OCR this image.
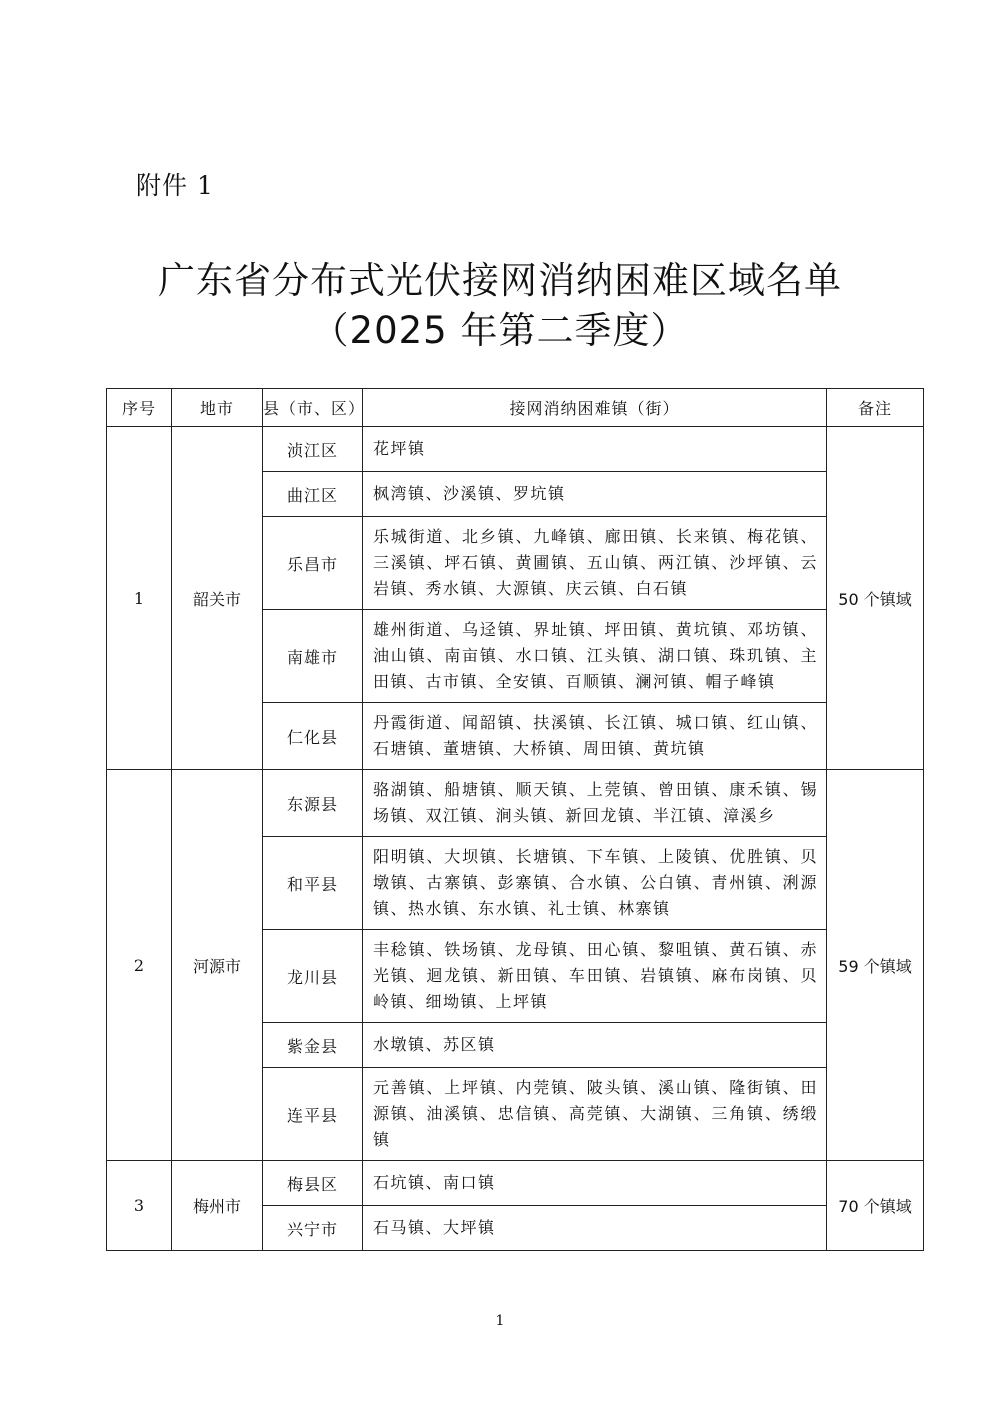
附件 1
广东省分布式光伏接网消纳困难区域名单
（2025 年第二季度）
序号	地市	县（市、区）	接网消纳困难镇（街）	备注
1	韶关市	浈江区	花坪镇	50 个镇域
		曲江区	枫湾镇、沙溪镇、罗坑镇	
		乐昌市	乐城街道、北乡镇、九峰镇、廊田镇、长来镇、梅花镇、三溪镇、坪石镇、黄圃镇、五山镇、两江镇、沙坪镇、云岩镇、秀水镇、大源镇、庆云镇、白石镇	
		南雄市	雄州街道、乌迳镇、界址镇、坪田镇、黄坑镇、邓坊镇、油山镇、南亩镇、水口镇、江头镇、湖口镇、珠玑镇、主田镇、古市镇、全安镇、百顺镇、澜河镇、帽子峰镇	
		仁化县	丹霞街道、闻韶镇、扶溪镇、长江镇、城口镇、红山镇、石塘镇、董塘镇、大桥镇、周田镇、黄坑镇	
2	河源市	东源县	骆湖镇、船塘镇、顺天镇、上莞镇、曾田镇、康禾镇、锡场镇、双江镇、涧头镇、新回龙镇、半江镇、漳溪乡	59 个镇域
		和平县	阳明镇、大坝镇、长塘镇、下车镇、上陵镇、优胜镇、贝墩镇、古寨镇、彭寨镇、合水镇、公白镇、青州镇、浰源镇、热水镇、东水镇、礼士镇、林寨镇	
		龙川县	丰稔镇、铁场镇、龙母镇、田心镇、黎咀镇、黄石镇、赤光镇、迴龙镇、新田镇、车田镇、岩镇镇、麻布岗镇、贝岭镇、细坳镇、上坪镇	
		紫金县	水墩镇、苏区镇	
		连平县	元善镇、上坪镇、内莞镇、陂头镇、溪山镇、隆街镇、田源镇、油溪镇、忠信镇、高莞镇、大湖镇、三角镇、绣缎镇	
3	梅州市	梅县区	石坑镇、南口镇	70 个镇域
		兴宁市	石马镇、大坪镇	
1
